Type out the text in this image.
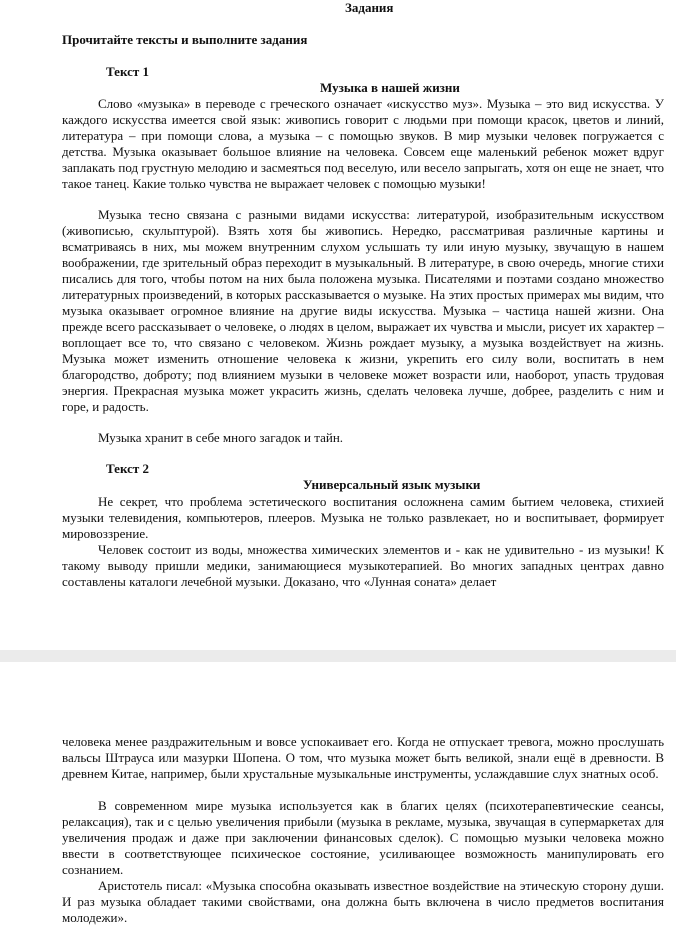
Задания
Прочитайте тексты и выполните задания
Текст 1
Музыка в нашей жизни
Слово «музыка» в переводе с греческого означает «искусство муз». Музыка – это вид искусства. У каждого искусства имеется свой язык: живопись говорит с людьми при помощи красок, цветов и линий, литература – при помощи слова, а музыка – с помощью звуков. В мир музыки человек погружается с детства. Музыка оказывает большое влияние на человека. Совсем еще маленький ребенок может вдруг заплакать под грустную мелодию и засмеяться под веселую, или весело запрыгать, хотя он еще не знает, что такое танец. Какие только чувства не выражает человек с помощью музыки!
Музыка тесно связана с разными видами искусства: литературой, изобразительным искусством (живописью, скульптурой). Взять хотя бы живопись. Нередко, рассматривая различные картины и всматриваясь в них, мы можем внутренним слухом услышать ту или иную музыку, звучащую в нашем воображении, где зрительный образ переходит в музыкальный. В литературе, в свою очередь, многие стихи писались для того, чтобы потом на них была положена музыка. Писателями и поэтами создано множество литературных произведений, в которых рассказывается о музыке. На этих простых примерах мы видим, что музыка оказывает огромное влияние на другие виды искусства. Музыка – частица нашей жизни. Она прежде всего рассказывает о человеке, о людях в целом, выражает их чувства и мысли, рисует их характер – воплощает все то, что связано с человеком. Жизнь рождает музыку, а музыка воздействует на жизнь. Музыка может изменить отношение человека к жизни, укрепить его силу воли, воспитать в нем благородство, доброту; под влиянием музыки в человеке может возрасти или, наоборот, упасть трудовая энергия. Прекрасная музыка может украсить жизнь, сделать человека лучше, добрее, разделить с ним и горе, и радость.
Музыка хранит в себе много загадок и тайн.
Текст 2
Универсальный язык музыки
Не секрет, что проблема эстетического воспитания осложнена самим бытием человека, стихией музыки телевидения, компьютеров, плееров. Музыка не только развлекает, но и воспитывает, формирует мировоззрение.
Человек состоит из воды, множества химических элементов и - как не удивительно - из музыки! К такому выводу пришли медики, занимающиеся музыкотерапией. Во многих западных центрах давно составлены каталоги лечебной музыки. Доказано, что «Лунная соната» делает
человека менее раздражительным и вовсе успокаивает его. Когда не отпускает тревога, можно прослушать вальсы Штрауса или мазурки Шопена. О том, что музыка может быть великой, знали ещё в древности. В древнем Китае, например, были хрустальные музыкальные инструменты, услаждавшие слух знатных особ.
В современном мире музыка используется как в благих целях (психотерапевтические сеансы, релаксация), так и с целью увеличения прибыли (музыка в рекламе, музыка, звучащая в супермаркетах для увеличения продаж и даже при заключении финансовых сделок). С помощью музыки человека можно ввести в соответствующее психическое состояние, усиливающее возможность манипулировать его сознанием.
Аристотель писал: «Музыка способна оказывать известное воздействие на этическую сторону души. И раз музыка обладает такими свойствами, она должна быть включена в число предметов воспитания молодежи».
